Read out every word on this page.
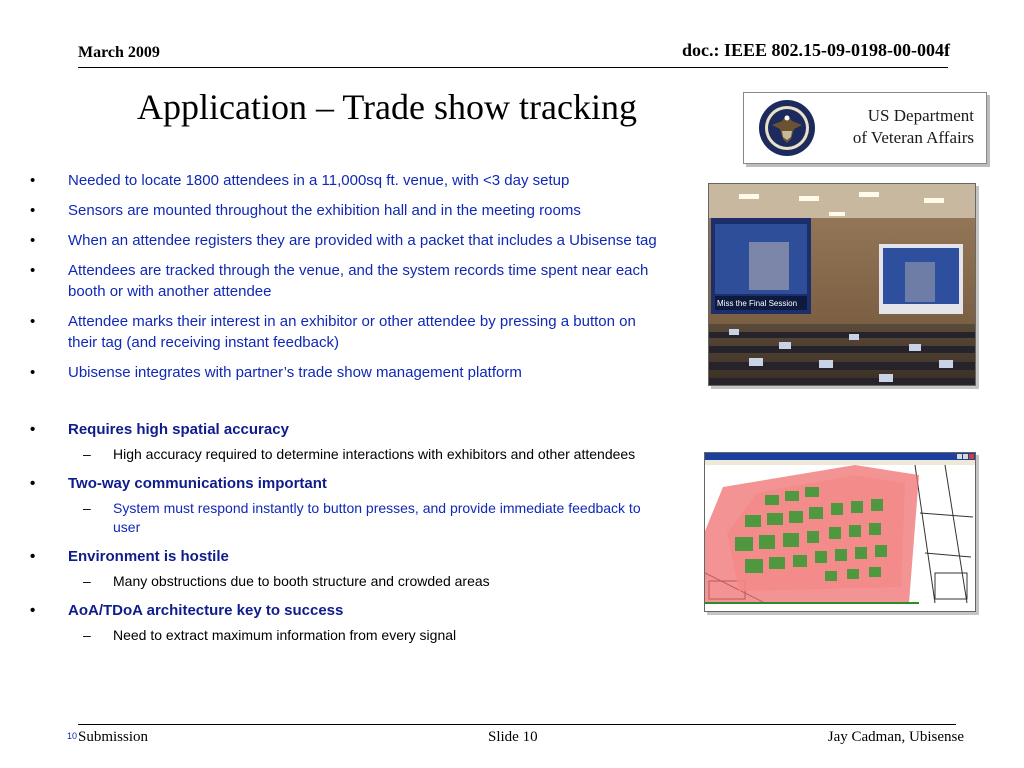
March 2009	doc.: IEEE 802.15-09-0198-00-004f
Application – Trade show tracking	US Department
of Veteran Affairs
• Needed to locate 1800 attendees in a 11,000sq ft. venue, with <3 day setup
• Sensors are mounted throughout the exhibition hall and in the meeting rooms
• When an attendee registers they are provided with a packet that includes a Ubisense tag
• Attendees are tracked through the venue, and the system records time spent near each booth or with another attendee
• Attendee marks their interest in an exhibitor or other attendee by pressing a button on their tag (and receiving instant feedback)
• Ubisense integrates with partner’s trade show management platform
• Requires high spatial accuracy
– High accuracy required to determine interactions with exhibitors and other attendees
• Two-way communications important
– System must respond instantly to button presses, and provide immediate feedback to user
• Environment is hostile
– Many obstructions due to booth structure and crowded areas
• AoA/TDoA architecture key to success
– Need to extract maximum information from every signal
Miss the Final Session
10 Submission	Slide 10	Jay Cadman, Ubisense
